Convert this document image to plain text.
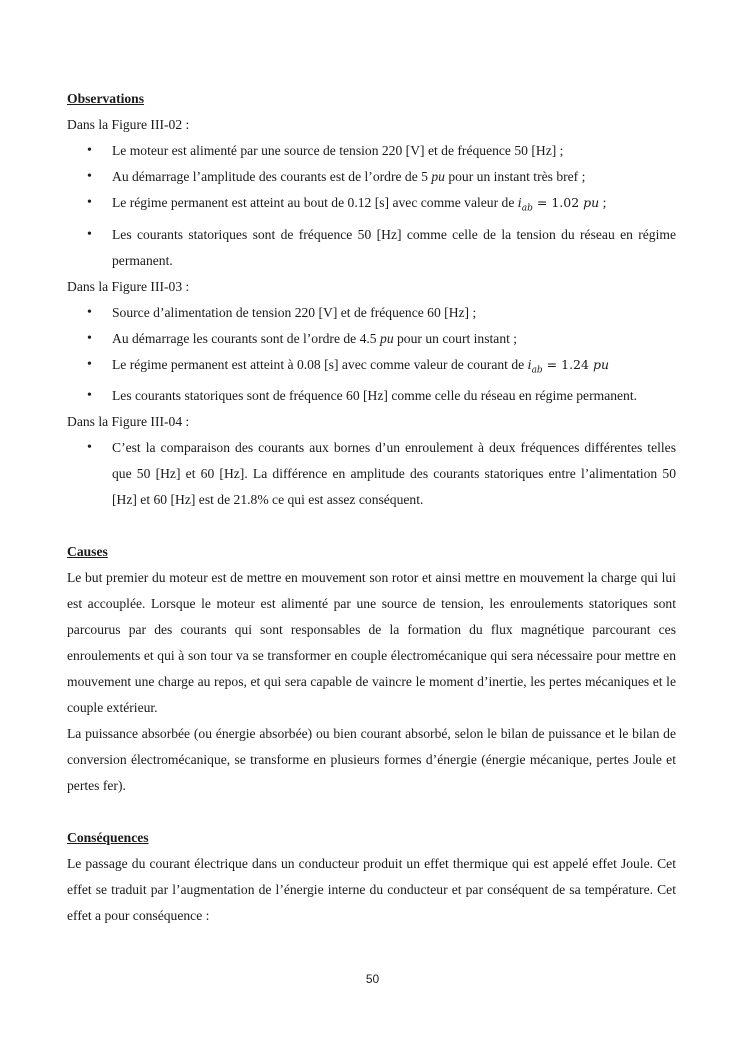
Observations
Dans la Figure III-02 :
• Le moteur est alimenté par une source de tension 220 [V] et de fréquence 50 [Hz] ;
• Au démarrage l’amplitude des courants est de l’ordre de 5 pu pour un instant très bref ;
• Le régime permanent est atteint au bout de 0.12 [s] avec comme valeur de $i_{ab} = 1.02$ pu ;
• Les courants statoriques sont de fréquence 50 [Hz] comme celle de la tension du réseau en régime permanent.
Dans la Figure III-03 :
• Source d’alimentation de tension 220 [V] et de fréquence 60 [Hz] ;
• Au démarrage les courants sont de l’ordre de 4.5 pu pour un court instant ;
• Le régime permanent est atteint à 0.08 [s] avec comme valeur de courant de $i_{ab} = 1.24$ pu
• Les courants statoriques sont de fréquence 60 [Hz] comme celle du réseau en régime permanent.
Dans la Figure III-04 :
• C’est la comparaison des courants aux bornes d’un enroulement à deux fréquences différentes telles que 50 [Hz] et 60 [Hz]. La différence en amplitude des courants statoriques entre l’alimentation 50 [Hz] et 60 [Hz] est de 21.8% ce qui est assez conséquent.
Causes
Le but premier du moteur est de mettre en mouvement son rotor et ainsi mettre en mouvement la charge qui lui est accouplée. Lorsque le moteur est alimenté par une source de tension, les enroulements statoriques sont parcourus par des courants qui sont responsables de la formation du flux magnétique parcourant ces enroulements et qui à son tour va se transformer en couple électromécanique qui sera nécessaire pour mettre en mouvement une charge au repos, et qui sera capable de vaincre le moment d’inertie, les pertes mécaniques et le couple extérieur.
La puissance absorbée (ou énergie absorbée) ou bien courant absorbé, selon le bilan de puissance et le bilan de conversion électromécanique, se transforme en plusieurs formes d’énergie (énergie mécanique, pertes Joule et pertes fer).
Conséquences
Le passage du courant électrique dans un conducteur produit un effet thermique qui est appelé effet Joule. Cet effet se traduit par l’augmentation de l’énergie interne du conducteur et par conséquent de sa température. Cet effet a pour conséquence :
50
